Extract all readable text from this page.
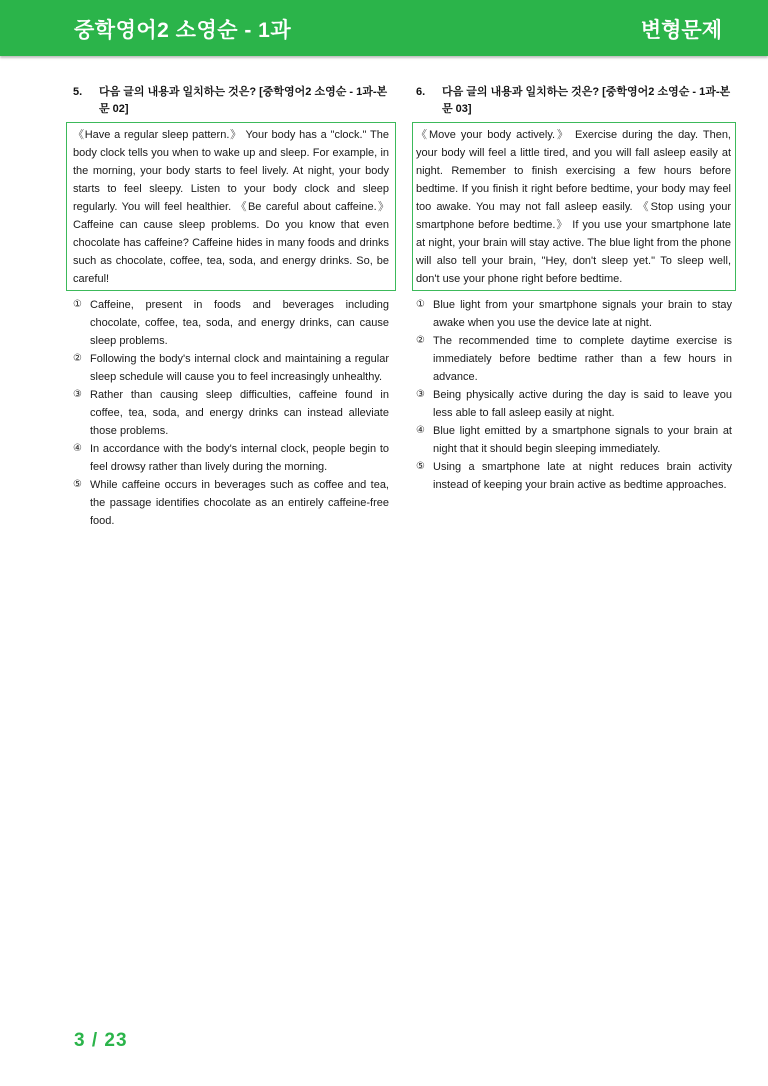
중학영어2 소영순 - 1과	변형문제
5.	다음 글의 내용과 일치하는 것은? [중학영어2 소영순 - 1과-본문 02]
《Have a regular sleep pattern.》 Your body has a "clock." The body clock tells you when to wake up and sleep. For example, in the morning, your body starts to feel lively. At night, your body starts to feel sleepy. Listen to your body clock and sleep regularly. You will feel healthier. 《Be careful about caffeine.》 Caffeine can cause sleep problems. Do you know that even chocolate has caffeine? Caffeine hides in many foods and drinks such as chocolate, coffee, tea, soda, and energy drinks. So, be careful!
① Caffeine, present in foods and beverages including chocolate, coffee, tea, soda, and energy drinks, can cause sleep problems.
② Following the body's internal clock and maintaining a regular sleep schedule will cause you to feel increasingly unhealthy.
③ Rather than causing sleep difficulties, caffeine found in coffee, tea, soda, and energy drinks can instead alleviate those problems.
④ In accordance with the body's internal clock, people begin to feel drowsy rather than lively during the morning.
⑤ While caffeine occurs in beverages such as coffee and tea, the passage identifies chocolate as an entirely caffeine-free food.
6.	다음 글의 내용과 일치하는 것은? [중학영어2 소영순 - 1과-본문 03]
《Move your body actively.》 Exercise during the day. Then, your body will feel a little tired, and you will fall asleep easily at night. Remember to finish exercising a few hours before bedtime. If you finish it right before bedtime, your body may feel too awake. You may not fall asleep easily. 《Stop using your smartphone before bedtime.》 If you use your smartphone late at night, your brain will stay active. The blue light from the phone will also tell your brain, "Hey, don't sleep yet." To sleep well, don't use your phone right before bedtime.
① Blue light from your smartphone signals your brain to stay awake when you use the device late at night.
② The recommended time to complete daytime exercise is immediately before bedtime rather than a few hours in advance.
③ Being physically active during the day is said to leave you less able to fall asleep easily at night.
④ Blue light emitted by a smartphone signals to your brain at night that it should begin sleeping immediately.
⑤ Using a smartphone late at night reduces brain activity instead of keeping your brain active as bedtime approaches.
3 / 23
